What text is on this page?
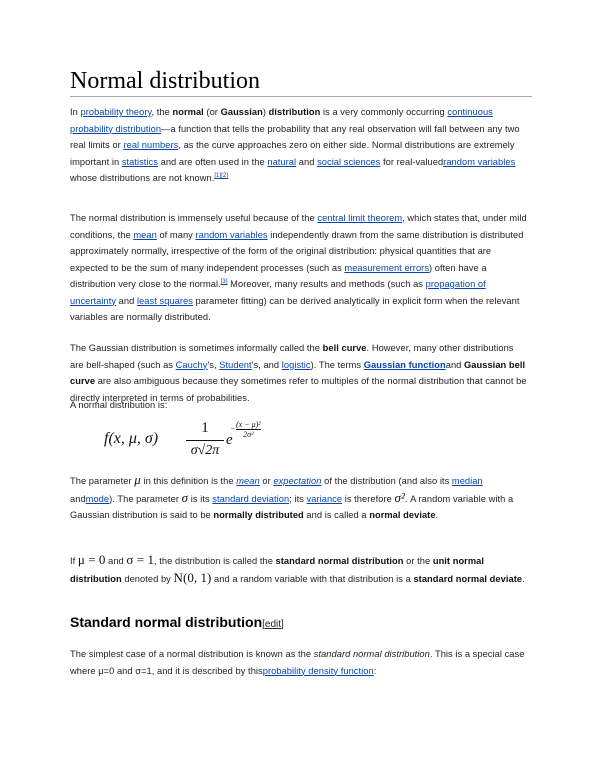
Normal distribution

In probability theory, the normal (or Gaussian) distribution is a very commonly occurring continuous probability distribution—a function that tells the probability that any real observation will fall between any two real limits or real numbers, as the curve approaches zero on either side. Normal distributions are extremely important in statistics and are often used in the natural and social sciences for real-valuedrandom variables whose distributions are not known.[1][2]

The normal distribution is immensely useful because of the central limit theorem, which states that, under mild conditions, the mean of many random variables independently drawn from the same distribution is distributed approximately normally, irrespective of the form of the original distribution: physical quantities that are expected to be the sum of many independent processes (such as measurement errors) often have a distribution very close to the normal.[3] Moreover, many results and methods (such as propagation of uncertainty and least squares parameter fitting) can be derived analytically in explicit form when the relevant variables are normally distributed.

The Gaussian distribution is sometimes informally called the bell curve. However, many other distributions are bell-shaped (such as Cauchy's, Student's, and logistic). The terms Gaussian functionand Gaussian bell curve are also ambiguous because they sometimes refer to multiples of the normal distribution that cannot be directly interpreted in terms of probabilities.

A normal distribution is:

f(x, μ, σ)
1
σ√2π
e
− (x − μ)²
2σ²

The parameter μ in this definition is the mean or expectation of the distribution (and also its median andmode). The parameter σ is its standard deviation; its variance is therefore σ². A random variable with a Gaussian distribution is said to be normally distributed and is called a normal deviate.

If μ = 0 and σ = 1, the distribution is called the standard normal distribution or the unit normal distribution denoted by N(0, 1) and a random variable with that distribution is a standard normal deviate.

Standard normal distribution[edit]

The simplest case of a normal distribution is known as the standard normal distribution. This is a special case where μ=0 and σ=1, and it is described by thisprobability density function:
